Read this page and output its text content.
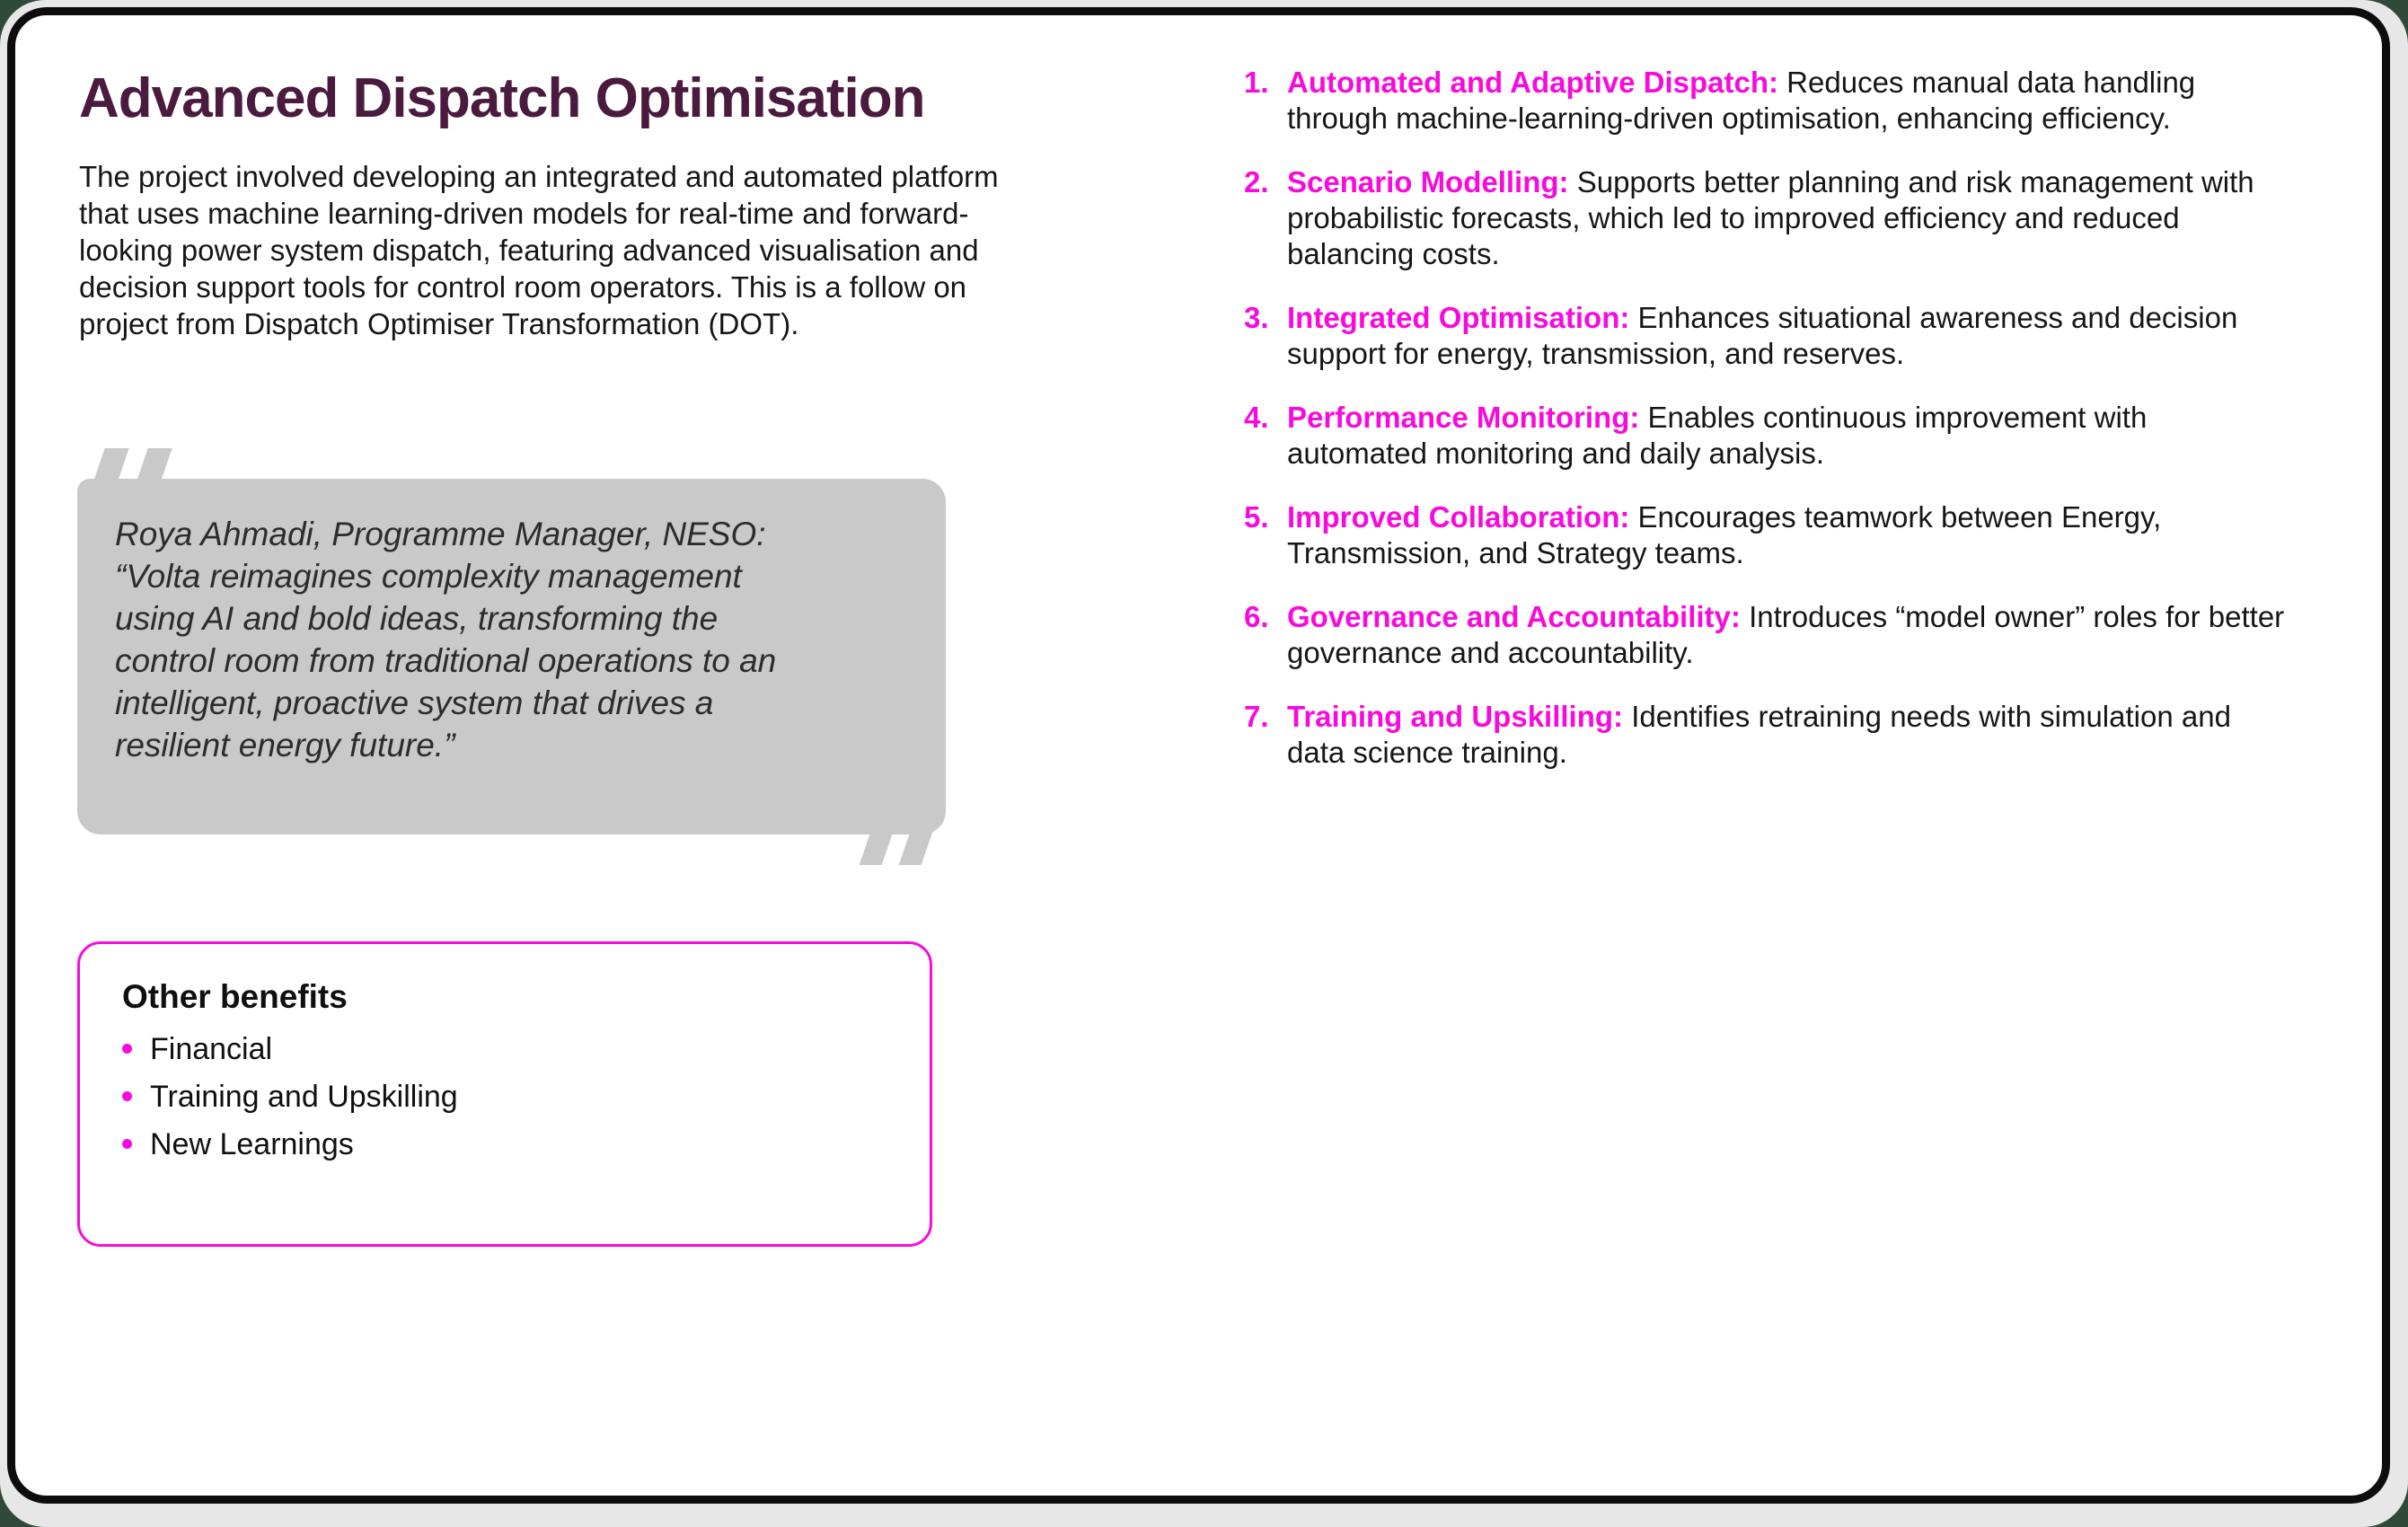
Advanced Dispatch Optimisation
The project involved developing an integrated and automated platform that uses machine learning-driven models for real-time and forward-looking power system dispatch, featuring advanced visualisation and decision support tools for control room operators. This is a follow on project from Dispatch Optimiser Transformation (DOT).
Roya Ahmadi, Programme Manager, NESO: “Volta reimagines complexity management using AI and bold ideas, transforming the control room from traditional operations to an intelligent, proactive system that drives a resilient energy future.”
Other benefits
Financial
Training and Upskilling
New Learnings
1. Automated and Adaptive Dispatch: Reduces manual data handling through machine-learning-driven optimisation, enhancing efficiency.
2. Scenario Modelling: Supports better planning and risk management with probabilistic forecasts, which led to improved efficiency and reduced balancing costs.
3. Integrated Optimisation: Enhances situational awareness and decision support for energy, transmission, and reserves.
4. Performance Monitoring: Enables continuous improvement with automated monitoring and daily analysis.
5. Improved Collaboration: Encourages teamwork between Energy, Transmission, and Strategy teams.
6. Governance and Accountability: Introduces “model owner” roles for better governance and accountability.
7. Training and Upskilling: Identifies retraining needs with simulation and data science training.
